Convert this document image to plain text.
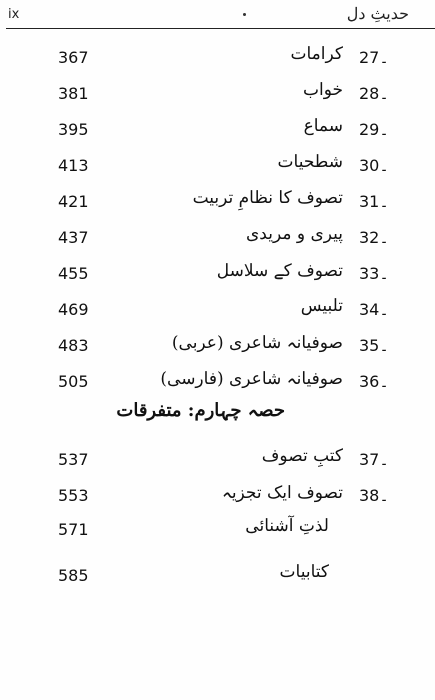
ix	حدیثِ دل
367	کرامات 27۔
381	خواب 28۔
395	سماع 29۔
413	شطحیات 30۔
421	تصوف کا نظامِ تربیت 31۔
437	پیری و مریدی 32۔
455	تصوف کے سلاسل 33۔
469	تلبیس 34۔
483	صوفیانہ شاعری (عربی) 35۔
505	صوفیانہ شاعری (فارسی) 36۔
حصہ چہارم: متفرقات
537	کتبِ تصوف 37۔
553	تصوف ایک تجزیہ 38۔
571	لذتِ آشنائی
585	کتابیات
